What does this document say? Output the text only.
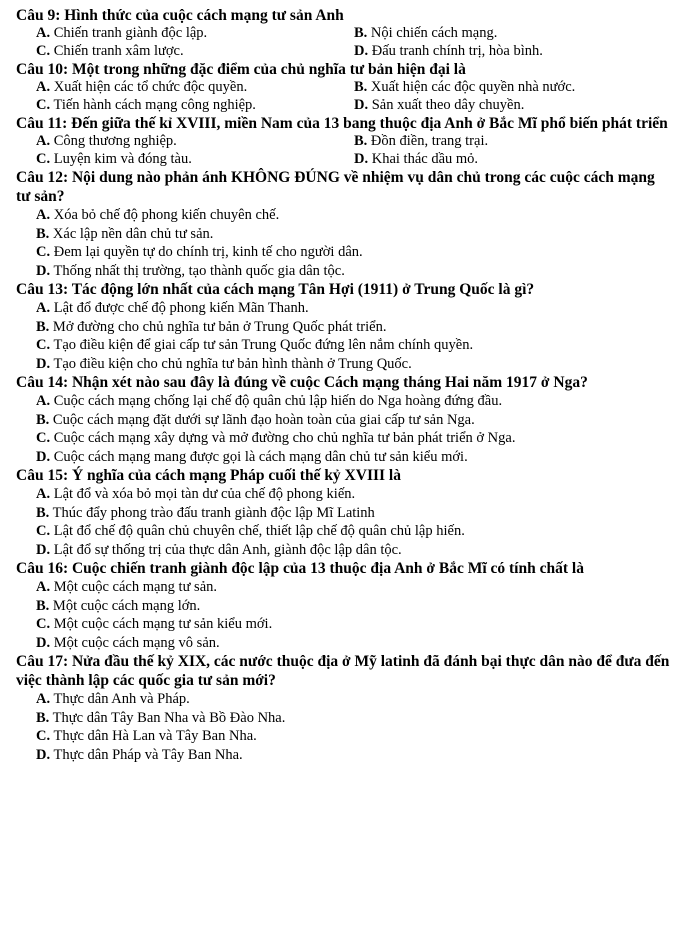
Câu 9: Hình thức của cuộc cách mạng tư sản Anh

A. Chiến tranh giành độc lập.	B. Nội chiến cách mạng.
C. Chiến tranh xâm lược.	D. Đấu tranh chính trị, hòa bình.

Câu 10: Một trong những đặc điểm của chủ nghĩa tư bản hiện đại là

A. Xuất hiện các tổ chức độc quyền.	B. Xuất hiện các độc quyền nhà nước.
C. Tiến hành cách mạng công nghiệp.	D. Sản xuất theo dây chuyền.

Câu 11: Đến giữa thế kỉ XVIII, miền Nam của 13 bang thuộc địa Anh ở Bắc Mĩ phổ biến phát triển

A. Công thương nghiệp.	B. Đồn điền, trang trại.
C. Luyện kim và đóng tàu.	D. Khai thác dầu mỏ.

Câu 12: Nội dung nào phản ánh KHÔNG ĐÚNG về nhiệm vụ dân chủ trong các cuộc cách mạng tư sản?

A. Xóa bỏ chế độ phong kiến chuyên chế.
B. Xác lập nền dân chủ tư sản.
C. Đem lại quyền tự do chính trị, kinh tế cho người dân.
D. Thống nhất thị trường, tạo thành quốc gia dân tộc.

Câu 13: Tác động lớn nhất của cách mạng Tân Hợi (1911) ở Trung Quốc là gì?

A. Lật đổ được chế độ phong kiến Mãn Thanh.
B. Mở đường cho chủ nghĩa tư bản ở Trung Quốc phát triển.
C. Tạo điều kiện để giai cấp tư sản Trung Quốc đứng lên nắm chính quyền.
D. Tạo điều kiện cho chủ nghĩa tư bản hình thành ở Trung Quốc.

Câu 14: Nhận xét nào sau đây là đúng về cuộc Cách mạng tháng Hai năm 1917 ở Nga?

A. Cuộc cách mạng chống lại chế độ quân chủ lập hiến do Nga hoàng đứng đầu.
B. Cuộc cách mạng đặt dưới sự lãnh đạo hoàn toàn của giai cấp tư sản Nga.
C. Cuộc cách mạng xây dựng và mở đường cho chủ nghĩa tư bản phát triển ở Nga.
D. Cuộc cách mạng mang được gọi là cách mạng dân chủ tư sản kiểu mới.

Câu 15: Ý nghĩa của cách mạng Pháp cuối thế kỷ XVIII là

A. Lật đổ và xóa bỏ mọi tàn dư của chế độ phong kiến.
B. Thúc đẩy phong trào đấu tranh giành độc lập Mĩ Latinh
C. Lật đổ chế độ quân chủ chuyên chế, thiết lập chế độ quân chủ lập hiến.
D. Lật đổ sự thống trị của thực dân Anh, giành độc lập dân tộc.

Câu 16: Cuộc chiến tranh giành độc lập của 13 thuộc địa Anh ở Bắc Mĩ có tính chất là

A. Một cuộc cách mạng tư sản.
B. Một cuộc cách mạng lớn.
C. Một cuộc cách mạng tư sản kiểu mới.
D. Một cuộc cách mạng vô sản.

Câu 17: Nửa đầu thế kỷ XIX, các nước thuộc địa ở Mỹ latinh đã đánh bại thực dân nào để đưa đến việc thành lập các quốc gia tư sản mới?

A. Thực dân Anh và Pháp.
B. Thực dân Tây Ban Nha và Bồ Đào Nha.
C. Thực dân Hà Lan và Tây Ban Nha.
D. Thực dân Pháp và Tây Ban Nha.
